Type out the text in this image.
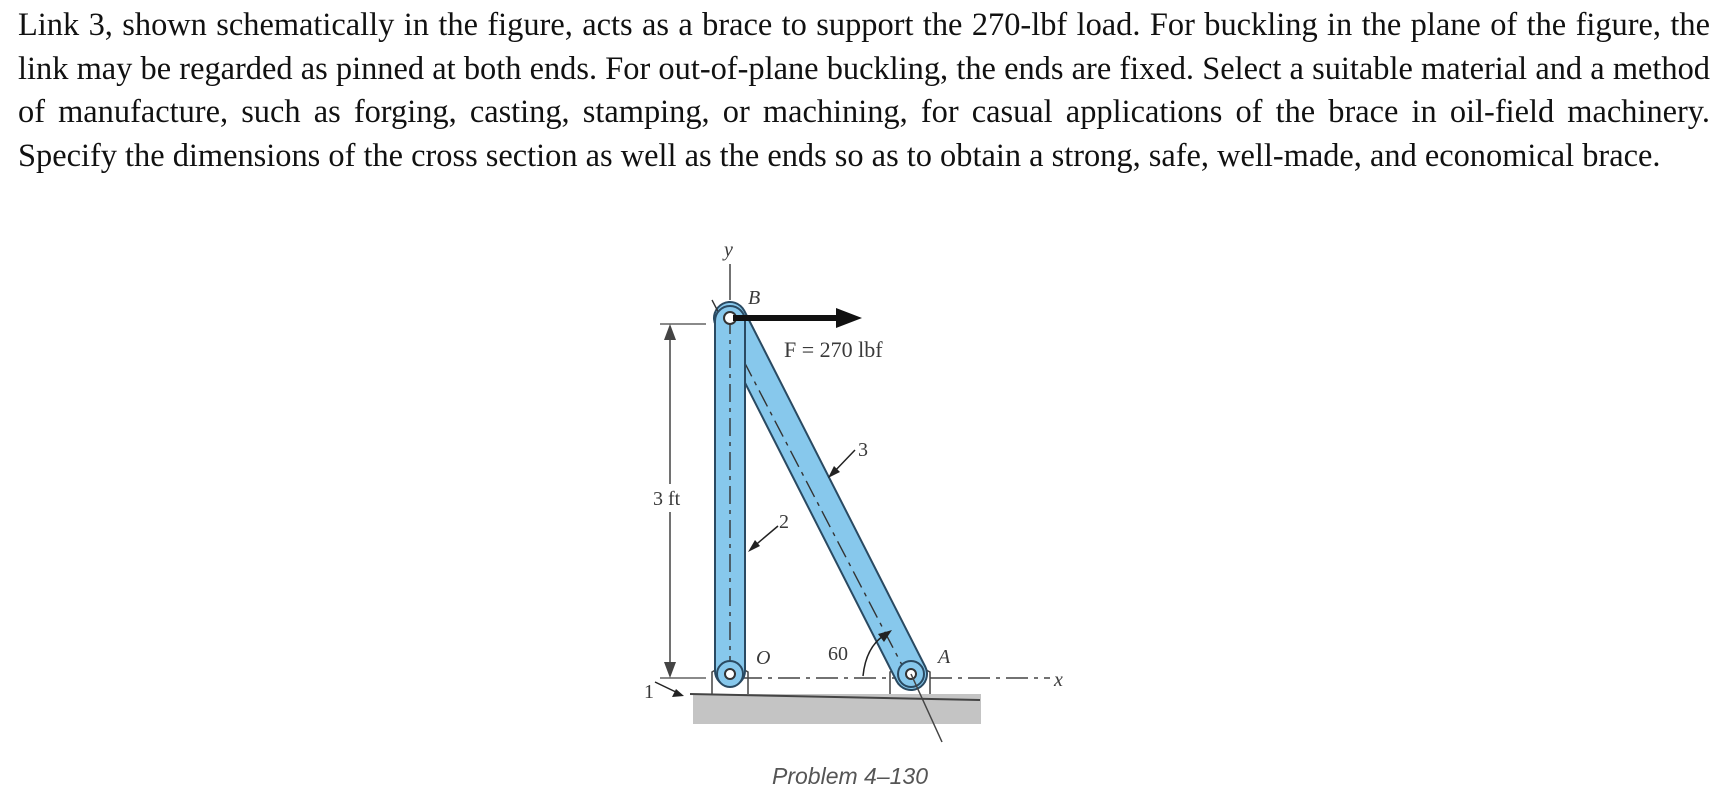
Link 3, shown schematically in the figure, acts as a brace to support the 270-lbf load. For buckling in the plane of the figure, the link may be regarded as pinned at both ends. For out-of-plane buckling, the ends are fixed. Select a suitable material and a method of manufacture, such as forging, casting, stamping, or machining, for casual applications of the brace in oil-field machinery. Specify the dimensions of the cross section as well as the ends so as to obtain a strong, safe, well-made, and economical brace.

y
x
F = 270 lbf
B
O	A
2
3
1
3 ft
60
Problem 4–130
